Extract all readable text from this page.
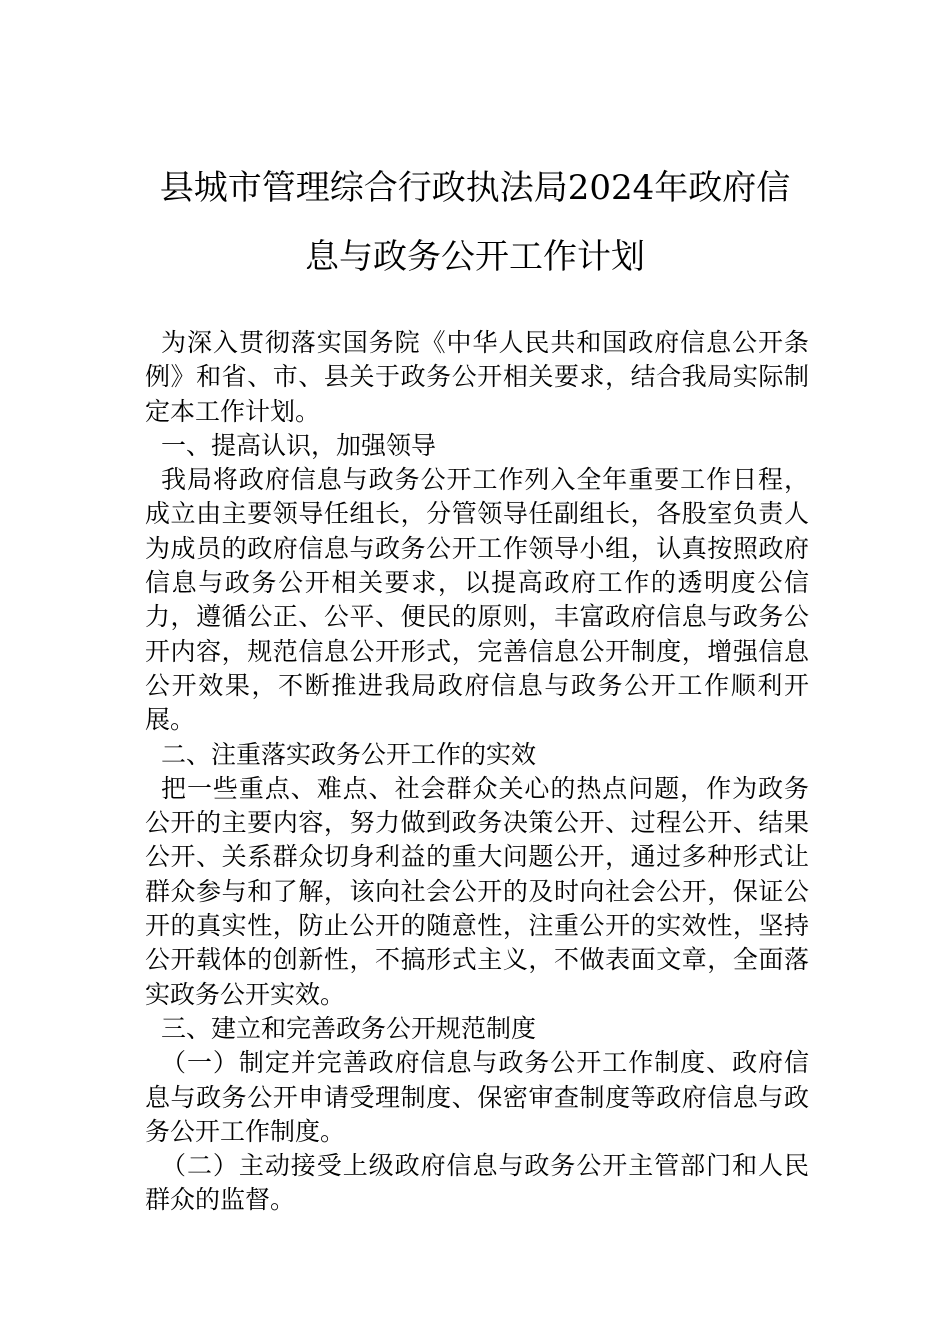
县城市管理综合行政执法局2024年政府信
息与政务公开工作计划

为深入贯彻落实国务院《中华人民共和国政府信息公开条例》和省、市、县关于政务公开相关要求，结合我局实际制定本工作计划。

一、提高认识，加强领导

我局将政府信息与政务公开工作列入全年重要工作日程，成立由主要领导任组长，分管领导任副组长，各股室负责人为成员的政府信息与政务公开工作领导小组，认真按照政府信息与政务公开相关要求，以提高政府工作的透明度公信力，遵循公正、公平、便民的原则，丰富政府信息与政务公开内容，规范信息公开形式，完善信息公开制度，增强信息公开效果，不断推进我局政府信息与政务公开工作顺利开展。

二、注重落实政务公开工作的实效

把一些重点、难点、社会群众关心的热点问题，作为政务公开的主要内容，努力做到政务决策公开、过程公开、结果公开、关系群众切身利益的重大问题公开，通过多种形式让群众参与和了解，该向社会公开的及时向社会公开，保证公开的真实性，防止公开的随意性，注重公开的实效性，坚持公开载体的创新性，不搞形式主义，不做表面文章，全面落实政务公开实效。

三、建立和完善政务公开规范制度

（一）制定并完善政府信息与政务公开工作制度、政府信息与政务公开申请受理制度、保密审查制度等政府信息与政务公开工作制度。

（二）主动接受上级政府信息与政务公开主管部门和人民群众的监督。
